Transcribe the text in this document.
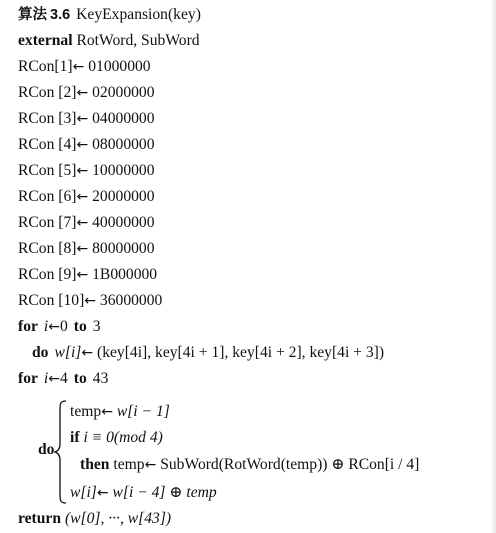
算法 3.6 KeyExpansion(key)
external RotWord, SubWord
RCon[1]← 01000000
RCon [2]← 02000000
RCon [3]← 04000000
RCon [4]← 08000000
RCon [5]← 10000000
RCon [6]← 20000000
RCon [7]← 40000000
RCon [8]← 80000000
RCon [9]← 1B000000
RCon [10]← 36000000
for i←0 to 3
do w[i]← (key[4i], key[4i + 1], key[4i + 2], key[4i + 3])
for i←4 to 43
do
temp← w[i − 1]
if i ≡ 0(mod 4)
then temp← SubWord(RotWord(temp)) ⊕ RCon[i / 4]
w[i]← w[i − 4] ⊕ temp
return (w[0], ···, w[43])
